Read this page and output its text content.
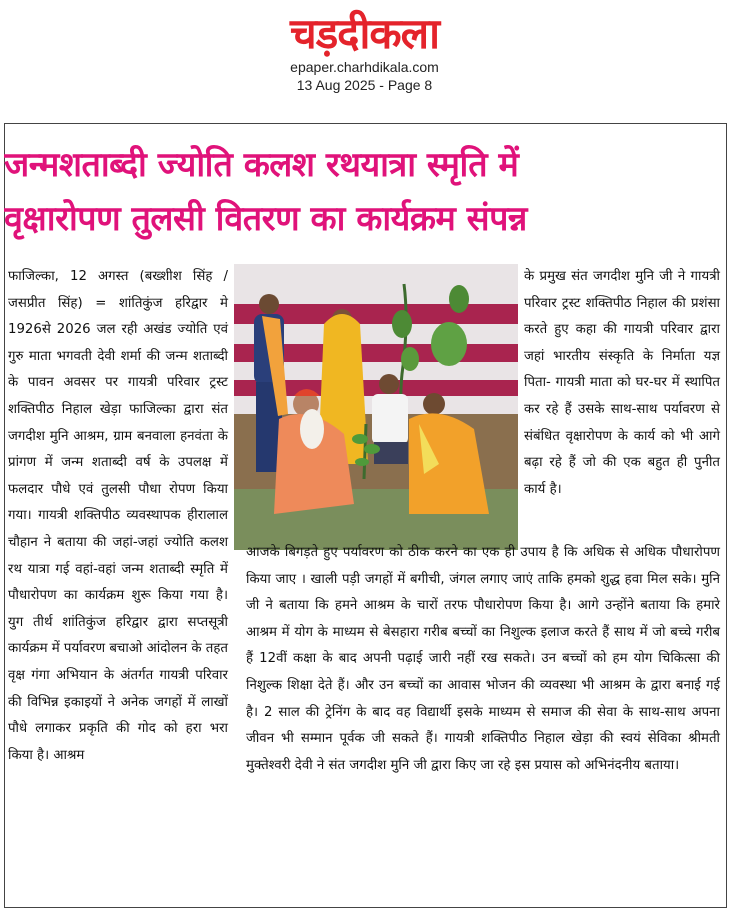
चड़दीकला
epaper.charhdikala.com
13 Aug 2025 - Page 8
जन्मशताब्दी ज्योति कलश रथयात्रा स्मृति में
वृक्षारोपण तुलसी वितरण का कार्यक्रम संपन्न
फाजिल्का, 12 अगस्त (बख्शीश सिंह / जसप्रीत सिंह) = शांतिकुंज हरिद्वार मे 1926से 2026 जल रही अखंड ज्योति एवं गुरु माता भगवती देवी शर्मा की जन्म शताब्दी के पावन अवसर पर गायत्री परिवार ट्रस्ट शक्तिपीठ निहाल खेड़ा फाजिल्का द्वारा संत जगदीश मुनि आश्रम, ग्राम बनवाला हनवंता के प्रांगण में जन्म शताब्दी वर्ष के उपलक्ष में फलदार पौधे एवं तुलसी पौधा रोपण किया गया। गायत्री शक्तिपीठ व्यवस्थापक हीरालाल चौहान ने बताया की जहां-जहां ज्योति कलश रथ यात्रा गई वहां-वहां जन्म शताब्दी स्मृति में पौधारोपण का कार्यक्रम शुरू किया गया है। युग तीर्थ शांतिकुंज हरिद्वार द्वारा सप्तसूत्री कार्यक्रम में पर्यावरण बचाओ आंदोलन के तहत वृक्ष गंगा अभियान के अंतर्गत गायत्री परिवार की विभिन्न इकाइयों ने अनेक जगहों में लाखों पौधे लगाकर प्रकृति की गोद को हरा भरा किया है। आश्रम
के प्रमुख संत जगदीश मुनि जी ने गायत्री परिवार ट्रस्ट शक्तिपीठ निहाल की प्रशंसा करते हुए कहा की गायत्री परिवार द्वारा जहां भारतीय संस्कृति के निर्माता यज्ञ पिता- गायत्री माता को घर-घर में स्थापित कर रहे हैं उसके साथ-साथ पर्यावरण से संबंधित वृक्षारोपण के कार्य को भी आगे बढ़ा रहे हैं जो की एक बहुत ही पुनीत कार्य है।
आजके बिगड़ते हुए पर्यावरण को ठीक करने का एक ही उपाय है कि अधिक से अधिक पौधारोपण किया जाए । खाली पड़ी जगहों में बगीची, जंगल लगाए जाएं ताकि हमको शुद्ध हवा मिल सके। मुनि जी ने बताया कि हमने आश्रम के चारों तरफ पौधारोपण किया है। आगे उन्होंने बताया कि हमारे आश्रम में योग के माध्यम से बेसहारा गरीब बच्चों का निशुल्क इलाज करते हैं साथ में जो बच्चे गरीब हैं 12वीं कक्षा के बाद अपनी पढ़ाई जारी नहीं रख सकते। उन बच्चों को हम योग चिकित्सा की निशुल्क शिक्षा देते हैं। और उन बच्चों का आवास भोजन की व्यवस्था भी आश्रम के द्वारा बनाई गई है। 2 साल की ट्रेनिंग के बाद वह विद्यार्थी इसके माध्यम से समाज की सेवा के साथ-साथ अपना जीवन भी सम्मान पूर्वक जी सकते हैं। गायत्री शक्तिपीठ निहाल खेड़ा की स्वयं सेविका श्रीमती मुक्तेश्वरी देवी ने संत जगदीश मुनि जी द्वारा किए जा रहे इस प्रयास को अभिनंदनीय बताया।
